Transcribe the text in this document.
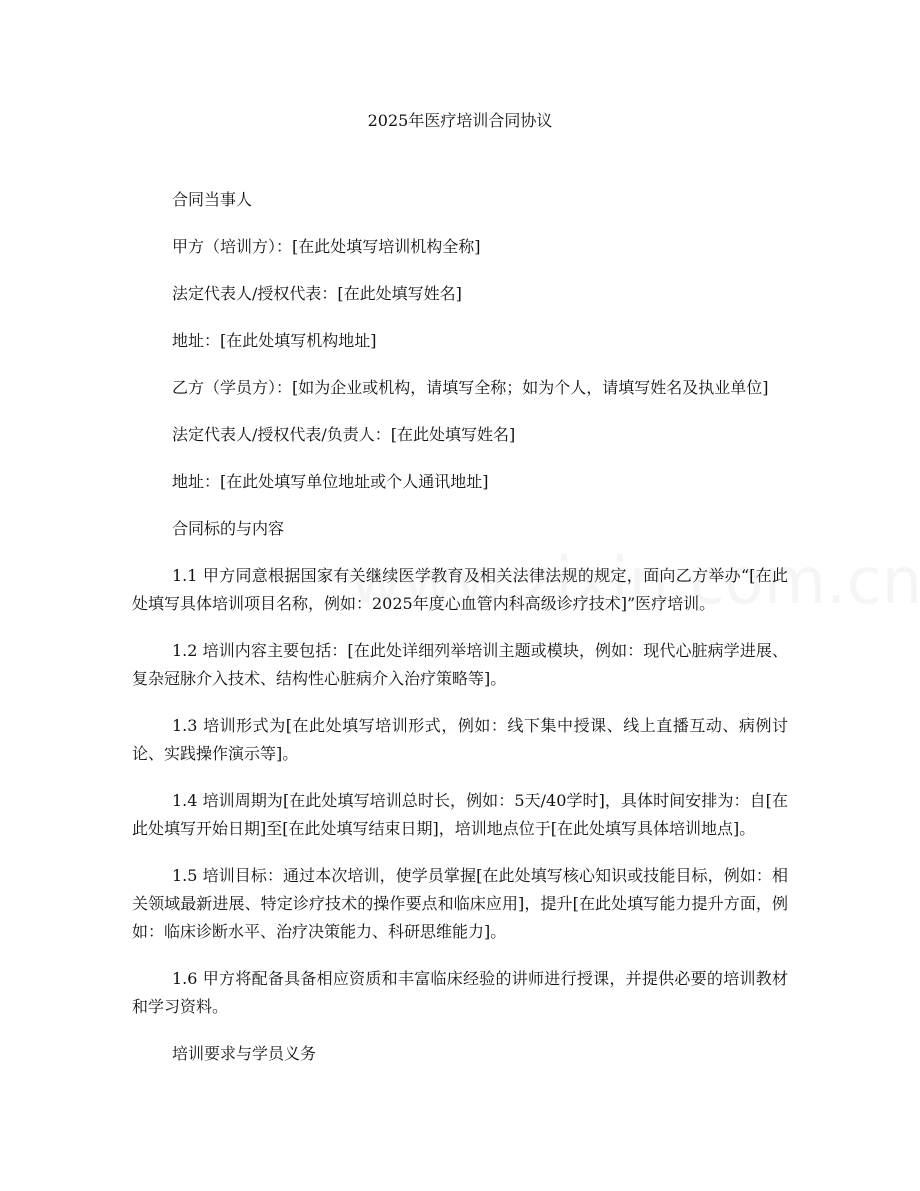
2025年医疗培训合同协议

合同当事人

甲方（培训方）：[在此处填写培训机构全称]

法定代表人/授权代表：[在此处填写姓名]

地址：[在此处填写机构地址]

乙方（学员方）：[如为企业或机构，请填写全称；如为个人，请填写姓名及执业单位]

法定代表人/授权代表/负责人：[在此处填写姓名]

地址：[在此处填写单位地址或个人通讯地址]

合同标的与内容

1.1 甲方同意根据国家有关继续医学教育及相关法律法规的规定，面向乙方举办“[在此处填写具体培训项目名称，例如：2025年度心血管内科高级诊疗技术]”医疗培训。

1.2 培训内容主要包括：[在此处详细列举培训主题或模块，例如：现代心脏病学进展、复杂冠脉介入技术、结构性心脏病介入治疗策略等]。

1.3 培训形式为[在此处填写培训形式，例如：线下集中授课、线上直播互动、病例讨论、实践操作演示等]。

1.4 培训周期为[在此处填写培训总时长，例如：5天/40学时]，具体时间安排为：自[在此处填写开始日期]至[在此处填写结束日期]，培训地点位于[在此处填写具体培训地点]。

1.5 培训目标：通过本次培训，使学员掌握[在此处填写核心知识或技能目标，例如：相关领域最新进展、特定诊疗技术的操作要点和临床应用]，提升[在此处填写能力提升方面，例如：临床诊断水平、治疗决策能力、科研思维能力]。

1.6 甲方将配备具备相应资质和丰富临床经验的讲师进行授课，并提供必要的培训教材和学习资料。

培训要求与学员义务
